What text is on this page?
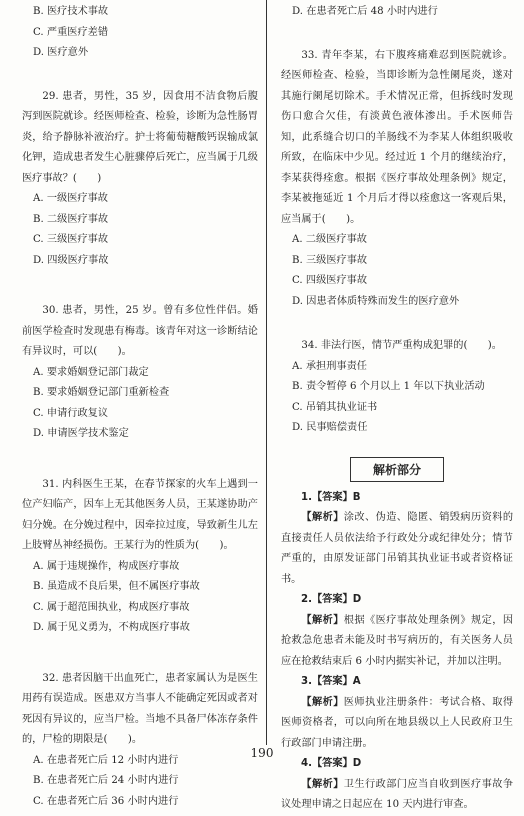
B. 医疗技术事故
C. 严重医疗差错
D. 医疗意外

29. 患者，男性，35 岁，因食用不洁食物后腹泻到医院就诊。经医师检查、检验，诊断为急性肠胃炎，给予静脉补液治疗。护士将葡萄糖酸钙误输成氯化钾，造成患者发生心脏骤停后死亡，应当属于几级医疗事故？(　　)

A. 一级医疗事故
B. 二级医疗事故
C. 三级医疗事故
D. 四级医疗事故

30. 患者，男性，25 岁。曾有多位性伴侣。婚前医学检查时发现患有梅毒。该青年对这一诊断结论有异议时，可以(　　)。

A. 要求婚姻登记部门裁定
B. 要求婚姻登记部门重新检查
C. 申请行政复议
D. 申请医学技术鉴定

31. 内科医生王某，在春节探家的火车上遇到一位产妇临产，因车上无其他医务人员，王某遂协助产妇分娩。在分娩过程中，因牵拉过度，导致新生儿左上肢臂丛神经损伤。王某行为的性质为(　　)。

A. 属于违规操作，构成医疗事故
B. 虽造成不良后果，但不属医疗事故
C. 属于超范围执业，构成医疗事故
D. 属于见义勇为，不构成医疗事故

32. 患者因脑干出血死亡，患者家属认为是医生用药有误造成。医患双方当事人不能确定死因或者对死因有异议的，应当尸检。当地不具备尸体冻存条件的，尸检的期限是(　　)。

A. 在患者死亡后 12 小时内进行
B. 在患者死亡后 24 小时内进行
C. 在患者死亡后 36 小时内进行
D. 在患者死亡后 48 小时内进行

33. 青年李某，右下腹疼痛难忍到医院就诊。经医师检查、检验，当即诊断为急性阑尾炎，遂对其施行阑尾切除术。手术情况正常，但拆线时发现伤口愈合欠佳，有淡黄色液体渗出。手术医师告知，此系缝合切口的羊肠线不为李某人体组织吸收所致，在临床中少见。经过近 1 个月的继续治疗，李某获得痊愈。根据《医疗事故处理条例》规定，李某被拖延近 1 个月后才得以痊愈这一客观后果，应当属于(　　)。

A. 二级医疗事故
B. 三级医疗事故
C. 四级医疗事故
D. 因患者体质特殊而发生的医疗意外

34. 非法行医，情节严重构成犯罪的(　　)。

A. 承担刑事责任
B. 责令暂停 6 个月以上 1 年以下执业活动
C. 吊销其执业证书
D. 民事赔偿责任
解析部分
1.【答案】B

【解析】涂改、伪造、隐匿、销毁病历资料的直接责任人员依法给予行政处分或纪律处分；情节严重的，由原发证部门吊销其执业证书或者资格证书。

2.【答案】D

【解析】根据《医疗事故处理条例》规定，因抢救急危患者未能及时书写病历的，有关医务人员应在抢救结束后 6 小时内据实补记，并加以注明。

3.【答案】A

【解析】医师执业注册条件：考试合格、取得医师资格者，可以向所在地县级以上人民政府卫生行政部门申请注册。

4.【答案】D

【解析】卫生行政部门应当自收到医疗事故争议处理申请之日起应在 10 天内进行审查。

190
